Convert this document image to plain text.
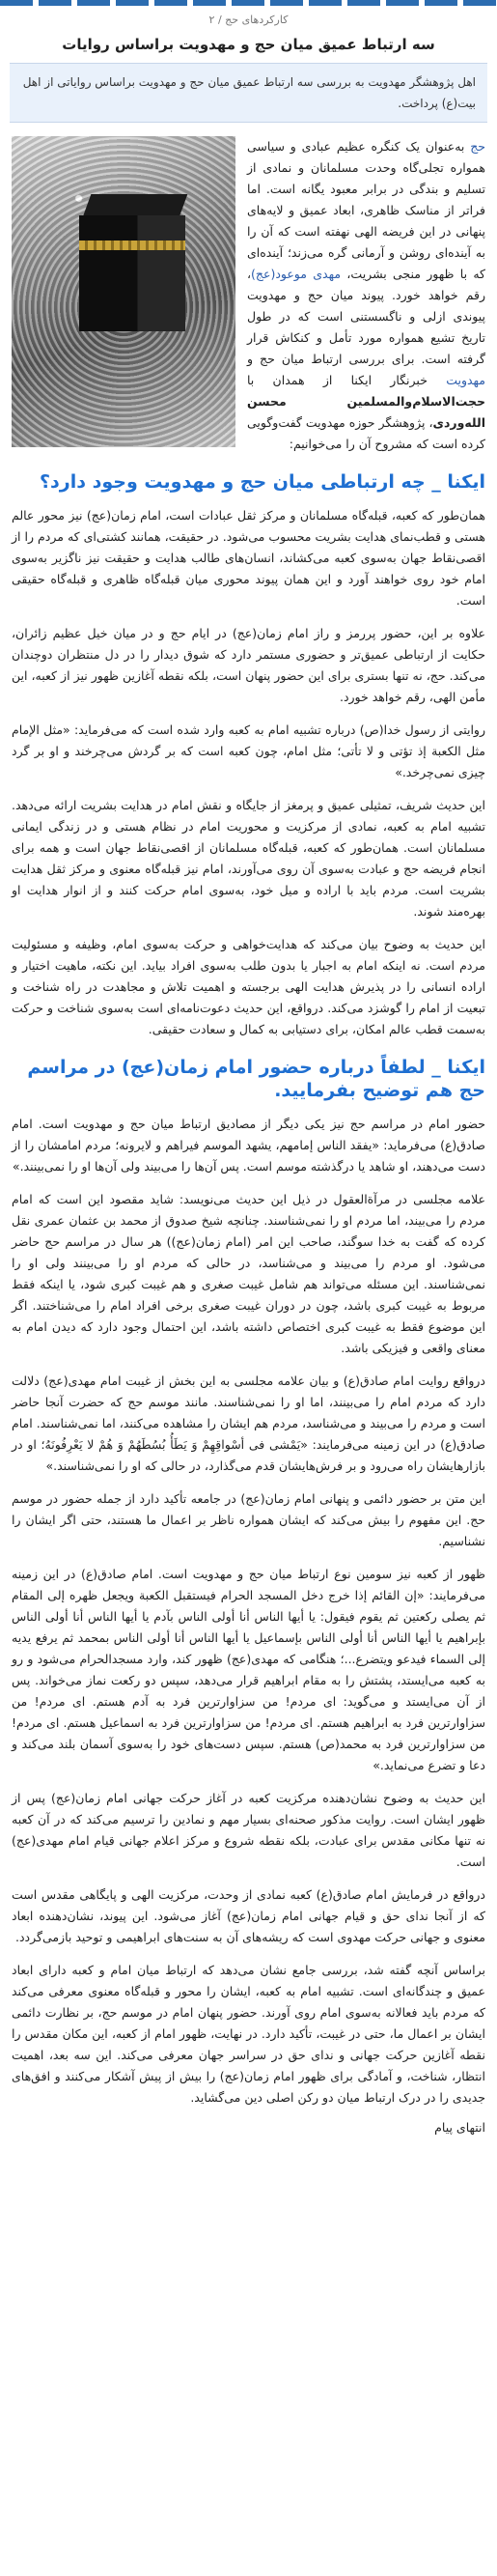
کارکردهای حج / ۲
سه ارتباط عمیق میان حج و مهدویت براساس روایات
اهل پژوهشگر مهدویت به بررسی سه ارتباط عمیق میان حج و مهدویت براساس روایاتی از اهل بیت(ع) پرداخت.

حج به‌عنوان یک کنگره عظیم عبادی و سیاسی همواره تجلی‌گاه وحدت مسلمانان و نمادی از تسلیم و بندگی در برابر معبود یگانه است. اما فراتر از مناسک ظاهری، ابعاد عمیق و لایه‌های پنهانی در این فریضه الهی نهفته است که آن را به آینده‌ای روشن و آرمانی گره می‌زند؛ آینده‌ای که با ظهور منجی بشریت، مهدی موعود(عج)، رقم خواهد خورد. پیوند میان حج و مهدویت پیوندی ازلی و ناگسستنی است که در طول تاریخ تشیع همواره مورد تأمل و کنکاش قرار گرفته است. برای بررسی ارتباط میان حج و مهدویت خبرنگار ایکنا از همدان با حجت‌الاسلام‌والمسلمین محسن الله‌وردی، پژوهشگر حوزه مهدویت گفت‌وگویی کرده است که مشروح آن را می‌خوانیم:

ایکنا _ چه ارتباطی میان حج و مهدویت وجود دارد؟

همان‌طور که کعبه، قبله‌گاه مسلمانان و مرکز ثقل عبادات است، امام زمان(عج) نیز محور عالم هستی و قطب‌نمای هدایت بشریت محسوب می‌شود. در حقیقت، همانند کشتی‌ای که مردم را از اقصی‌نقاط جهان به‌سوی کعبه می‌کشاند، انسان‌های طالب هدایت و حقیقت نیز ناگزیر به‌سوی امام خود روی خواهند آورد و این همان پیوند محوری میان قبله‌گاه ظاهری و قبله‌گاه حقیقی است.

علاوه بر این، حضور پررمز و راز امام زمان(عج) در ایام حج و در میان خیل عظیم زائران، حکایت از ارتباطی عمیق‌تر و حضوری مستمر دارد که شوق دیدار را در دل منتظران دوچندان می‌کند. حج، نه تنها بستری برای این حضور پنهان است، بلکه نقطه آغازین ظهور نیز از کعبه، این مأمن الهی، رقم خواهد خورد.

روایتی از رسول خدا(ص) درباره تشبیه امام به کعبه وارد شده است که می‌فرماید: «مثل الإمام مثل الکعبة إذ تؤتى و لا تأتی؛ مثل امام، چون کعبه است که بر گردش می‌چرخند و او بر گرد چیزی نمی‌چرخد.»

این حدیث شریف، تمثیلی عمیق و پرمغز از جایگاه و نقش امام در هدایت بشریت ارائه می‌دهد. تشبیه امام به کعبه، نمادی از مرکزیت و محوریت امام در نظام هستی و در زندگی ایمانی مسلمانان است. همان‌طور که کعبه، قبله‌گاه مسلمانان از اقصی‌نقاط جهان است و همه برای انجام فریضه حج و عبادت به‌سوی آن روی می‌آورند، امام نیز قبله‌گاه معنوی و مرکز ثقل هدایت بشریت است. مردم باید با اراده و میل خود، به‌سوی امام حرکت کنند و از انوار هدایت او بهره‌مند شوند.

این حدیث به وضوح بیان می‌کند که هدایت‌خواهی و حرکت به‌سوی امام، وظیفه و مسئولیت مردم است. نه اینکه امام به اجبار یا بدون طلب به‌سوی افراد بیاید. این نکته، ماهیت اختیار و اراده انسانی را در پذیرش هدایت الهی برجسته و اهمیت تلاش و مجاهدت در راه شناخت و تبعیت از امام را گوشزد می‌کند. درواقع، این حدیث دعوت‌نامه‌ای است به‌سوی شناخت و حرکت به‌سمت قطب عالم امکان، برای دستیابی به کمال و سعادت حقیقی.

ایکنا _ لطفاً درباره حضور امام زمان(عج) در مراسم حج هم توضیح بفرمایید.

حضور امام در مراسم حج نیز یکی دیگر از مصادیق ارتباط میان حج و مهدویت است. امام صادق(ع) می‌فرماید: «یفقد الناس إمامهم، یشهد الموسم فیراهم و لایرونه؛ مردم امامشان را از دست می‌دهند، او شاهد یا درگذشته موسم است. پس آن‌ها را می‌بیند ولی آن‌ها او را نمی‌بینند.»

علامه مجلسی در مرآة‌العقول در ذیل این حدیث می‌نویسد: شاید مقصود این است که امام مردم را می‌بیند، اما مردم او را نمی‌شناسند. چنانچه شیخ صدوق از محمد بن عثمان عمری نقل کرده که گفت به خدا سوگند، صاحب این امر (امام زمان(عج)) هر سال در مراسم حج حاضر می‌شود. او مردم را می‌بیند و می‌شناسد، در حالی که مردم او را می‌بینند ولی او را نمی‌شناسند. این مسئله می‌تواند هم شامل غیبت صغری و هم غیبت کبری شود، یا اینکه فقط مربوط به غیبت کبری باشد، چون در دوران غیبت صغری برخی افراد امام را می‌شناختند. اگر این موضوع فقط به غیبت کبری اختصاص داشته باشد، این احتمال وجود دارد که دیدن امام به معنای واقعی و فیزیکی باشد.

درواقع روایت امام صادق(ع) و بیان علامه مجلسی به این بخش از غیبت امام مهدی(عج) دلالت دارد که مردم امام را می‌بینند، اما او را نمی‌شناسند. مانند موسم حج که حضرت آنجا حاضر است و مردم را می‌بیند و می‌شناسد، مردم هم ایشان را مشاهده می‌کنند، اما نمی‌شناسند. امام صادق(ع) در این زمینه می‌فرمایند: «یَمْشی فی أسْواقِهِمْ وَ یَطَأُ بُسُطَهُمْ وَ هُمْ لا یَعْرِفُونَهُ؛ او در بازارهایشان راه می‌رود و بر فرش‌هایشان قدم می‌گذارد، در حالی که او را نمی‌شناسند.»

این متن بر حضور دائمی و پنهانی امام زمان(عج) در جامعه تأکید دارد از جمله حضور در موسم حج. این مفهوم را بیش می‌کند که ایشان همواره ناظر بر اعمال ما هستند، حتی اگر ایشان را نشناسیم.

ظهور از کعبه نیز سومین نوع ارتباط میان حج و مهدویت است. امام صادق(ع) در این زمینه می‌فرمایند: «إن القائم إذا خرج دخل المسجد الحرام فیستقبل الکعبة ویجعل ظهره إلى المقام ثم یصلی رکعتین ثم یقوم فیقول: یا أیها الناس أنا أولى الناس بآدم یا أیها الناس أنا أولى الناس بإبراهیم یا أیها الناس أنا أولى الناس بإسماعیل یا أیها الناس أنا أولى الناس بمحمد ثم یرفع یدیه إلى السماء فیدعو ویتضرع...؛ هنگامی که مهدی(عج) ظهور کند، وارد مسجدالحرام می‌شود و رو به کعبه می‌ایستد، پشتش را به مقام ابراهیم قرار می‌دهد، سپس دو رکعت نماز می‌خواند. پس از آن می‌ایستد و می‌گوید: ای مردم! من سزاوارترین فرد به آدم هستم. ای مردم! من سزاوارترین فرد به ابراهیم هستم. ای مردم! من سزاوارترین فرد به اسماعیل هستم. ای مردم! من سزاوارترین فرد به محمد(ص) هستم. سپس دست‌های خود را به‌سوی آسمان بلند می‌کند و دعا و تضرع می‌نماید.»

این حدیث به وضوح نشان‌دهنده مرکزیت کعبه در آغاز حرکت جهانی امام زمان(عج) پس از ظهور ایشان است. روایت مذکور صحنه‌ای بسیار مهم و نمادین را ترسیم می‌کند که در آن کعبه نه تنها مکانی مقدس برای عبادت، بلکه نقطه شروع و مرکز اعلام جهانی قیام امام مهدی(عج) است.

درواقع در فرمایش امام صادق(ع) کعبه نمادی از وحدت، مرکزیت الهی و پایگاهی مقدس است که از آنجا ندای حق و قیام جهانی امام زمان(عج) آغاز می‌شود. این پیوند، نشان‌دهنده ابعاد معنوی و جهانی حرکت مهدوی است که ریشه‌های آن به سنت‌های ابراهیمی و توحید بازمی‌گردد.

براساس آنچه گفته شد، بررسی جامع نشان می‌دهد که ارتباط میان امام و کعبه دارای ابعاد عمیق و چندگانه‌ای است. تشبیه امام به کعبه، ایشان را محور و قبله‌گاه معنوی معرفی می‌کند که مردم باید فعالانه به‌سوی امام روی آورند. حضور پنهان امام در موسم حج، بر نظارت دائمی ایشان بر اعمال ما، حتی در غیبت، تأکید دارد. در نهایت، ظهور امام از کعبه، این مکان مقدس را نقطه آغازین حرکت جهانی و ندای حق در سراسر جهان معرفی می‌کند. این سه بعد، اهمیت انتظار، شناخت، و آمادگی برای ظهور امام زمان(عج) را بیش از پیش آشکار می‌کنند و افق‌های جدیدی را در درک ارتباط میان دو رکن اصلی دین می‌گشاید.

انتهای پیام
